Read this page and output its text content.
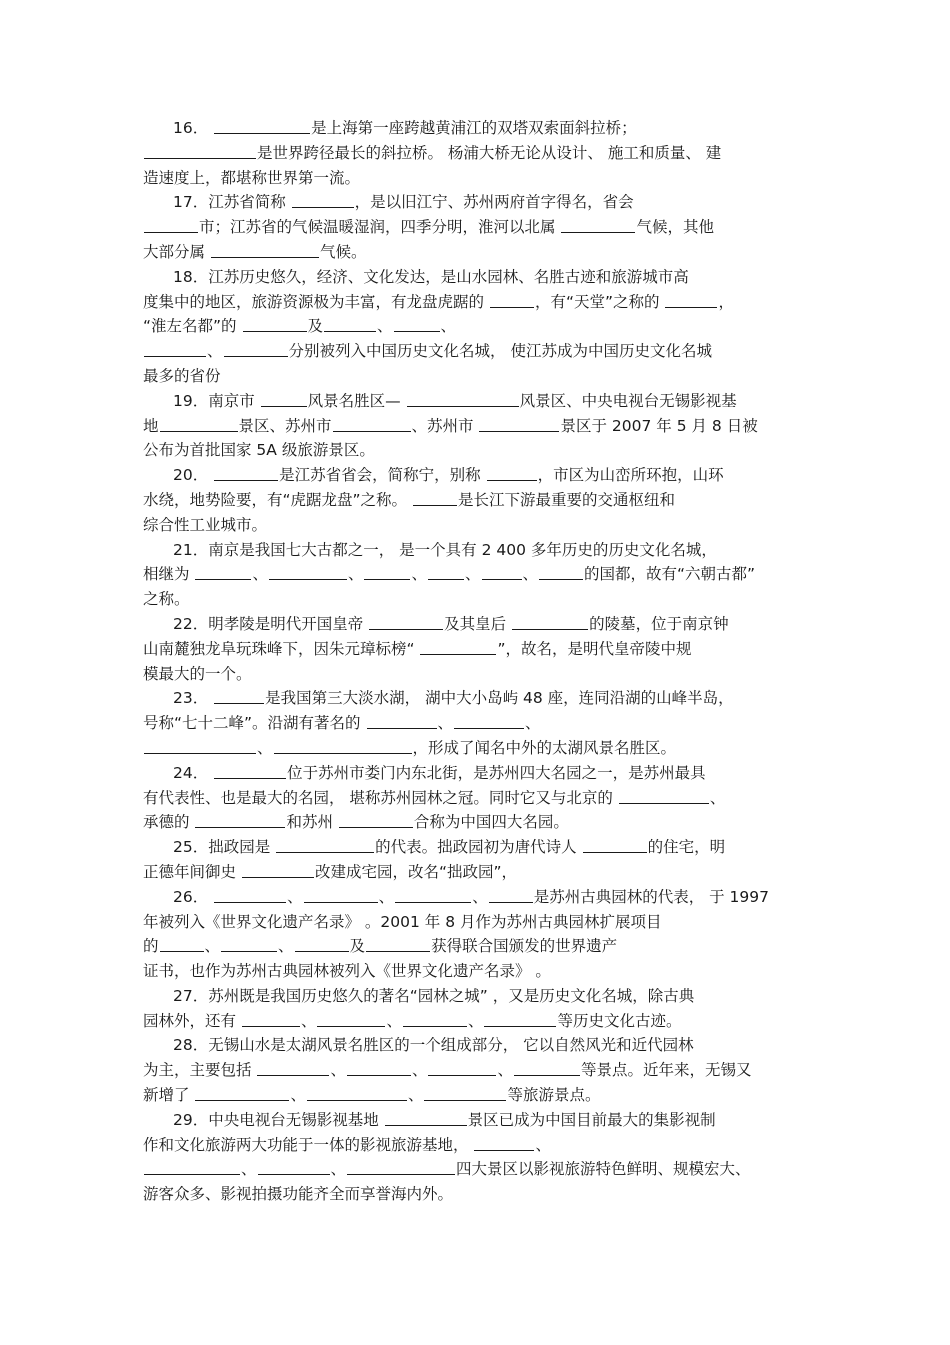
16．	是上海第一座跨越黄浦江的双塔双索面斜拉桥；
是世界跨径最长的斜拉桥。 杨浦大桥无论从设计、 施工和质量、 建
造速度上，都堪称世界第一流。
17．江苏省简称	，是以旧江宁、苏州两府首字得名，省会
市；江苏省的气候温暖湿润，四季分明，淮河以北属	气候，其他
大部分属	气候。
18．江苏历史悠久，经济、文化发达，是山水园林、名胜古迹和旅游城市高
度集中的地区，旅游资源极为丰富，有龙盘虎踞的	，有“天堂”之称的	，
“淮左名都”的	及	、	、
、	分别被列入中国历史文化名城， 使江苏成为中国历史文化名城
最多的省份
19．南京市	风景名胜区—	风景区、中央电视台无锡影视基
地	景区、苏州市	、苏州市	景区于 2007 年 5 月 8 日被
公布为首批国家 5A 级旅游景区。
20．	是江苏省省会，简称宁，别称	，市区为山峦所环抱，山环
水绕，地势险要，有“虎踞龙盘”之称。	是长江下游最重要的交通枢纽和
综合性工业城市。
21．南京是我国七大古都之一， 是一个具有 2 400 多年历史的历史文化名城，
相继为	、	、	、 、	、	的国都，故有“六朝古都”
之称。
22．明孝陵是明代开国皇帝	及其皇后	的陵墓，位于南京钟
山南麓独龙阜玩珠峰下，因朱元璋标榜“	”，故名，是明代皇帝陵中规
模最大的一个。
23．	是我国第三大淡水湖， 湖中大小岛屿 48 座，连同沿湖的山峰半岛，
号称“七十二峰”。沿湖有著名的	、	、
、	，形成了闻名中外的太湖风景名胜区。
24．	位于苏州市娄门内东北街，是苏州四大名园之一，是苏州最具
有代表性、也是最大的名园， 堪称苏州园林之冠。同时它又与北京的	、
承德的	和苏州	合称为中国四大名园。
25．拙政园是	的代表。拙政园初为唐代诗人	的住宅，明
正德年间御史	改建成宅园，改名“拙政园”，
26．	、	、	、	是苏州古典园林的代表， 于 1997
年被列入《世界文化遗产名录》 。2001 年 8 月作为苏州古典园林扩展项目
的	、	、	及	获得联合国颁发的世界遗产
证书，也作为苏州古典园林被列入《世界文化遗产名录》 。
27．苏州既是我国历史悠久的著名“园林之城” ，又是历史文化名城，除古典
园林外，还有	、	、	、	等历史文化古迹。
28．无锡山水是太湖风景名胜区的一个组成部分， 它以自然风光和近代园林
为主，主要包括	、	、	、	等景点。近年来，无锡又
新增了	、	、	等旅游景点。
29．中央电视台无锡影视基地	景区已成为中国目前最大的集影视制
作和文化旅游两大功能于一体的影视旅游基地，	、
、	、	四大景区以影视旅游特色鲜明、规模宏大、
游客众多、影视拍摄功能齐全而享誉海内外。
